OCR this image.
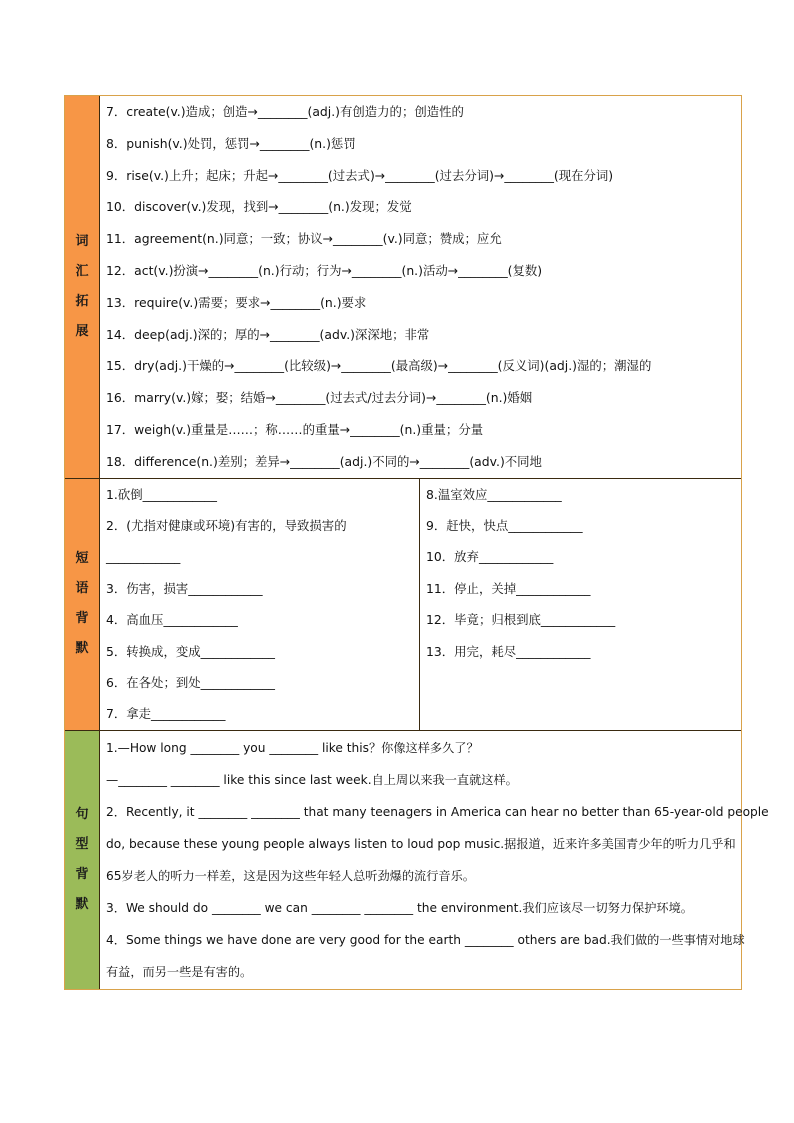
词
汇
拓
展
7．create(v.)造成；创造→________(adj.)有创造力的；创造性的
8．punish(v.)处罚，惩罚→________(n.)惩罚
9．rise(v.)上升；起床；升起→________(过去式)→________(过去分词)→________(现在分词)
10．discover(v.)发现，找到→________(n.)发现；发觉
11．agreement(n.)同意；一致；协议→________(v.)同意；赞成；应允
12．act(v.)扮演→________(n.)行动；行为→________(n.)活动→________(复数)
13．require(v.)需要；要求→________(n.)要求
14．deep(adj.)深的；厚的→________(adv.)深深地；非常
15．dry(adj.)干燥的→________(比较级)→________(最高级)→________(反义词)(adj.)湿的；潮湿的
16．marry(v.)嫁；娶；结婚→________(过去式/过去分词)→________(n.)婚姻
17．weigh(v.)重量是……；称……的重量→________(n.)重量；分量
18．difference(n.)差别；差异→________(adj.)不同的→________(adv.)不同地
短
语
背
默
1.砍倒____________
2．(尤指对健康或环境)有害的，导致损害的
____________
3．伤害，损害____________
4．高血压____________
5．转换成，变成____________
6．在各处；到处____________
7．拿走____________
8.温室效应____________
9．赶快，快点____________
10．放弃____________
11．停止，关掉____________
12．毕竟；归根到底____________
13．用完，耗尽____________
句
型
背
默
1.—How long ________ you ________ like this？你像这样多久了？
—________ ________ like this since last week.自上周以来我一直就这样。
2．Recently, it ________ ________ that many teenagers in America can hear no better than 65-year-old people
do, because these young people always listen to loud pop music.据报道，近来许多美国青少年的听力几乎和
65岁老人的听力一样差，这是因为这些年轻人总听劲爆的流行音乐。
3．We should do ________ we can ________ ________ the environment.我们应该尽一切努力保护环境。
4．Some things we have done are very good for the earth ________ others are bad.我们做的一些事情对地球
有益，而另一些是有害的。
